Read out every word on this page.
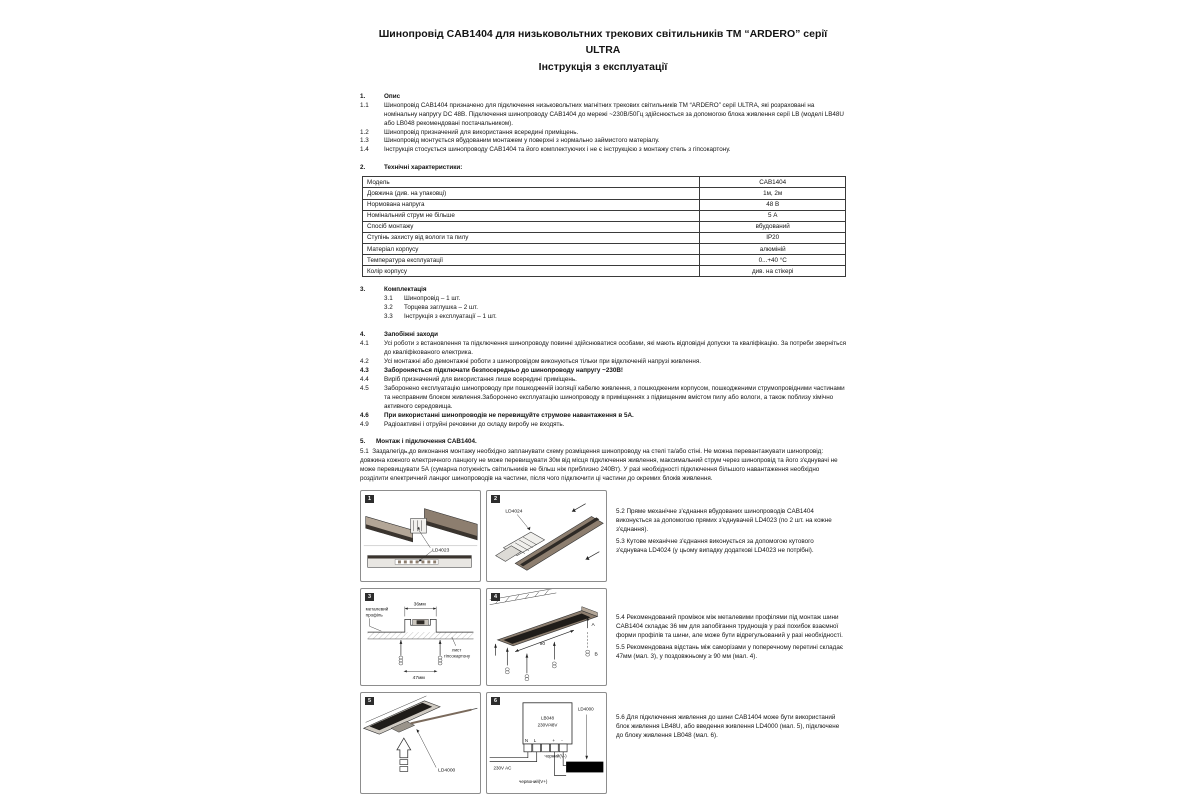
Шинопровід CAB1404 для низьковольтних трекових світильників ТМ “ARDERO” серії ULTRA
Інструкція з експлуатації
1.	Опис
1.1	Шинопровід CAB1404 призначено для підключення низьковольтних магнітних трекових світильників ТМ “ARDERO” серії ULTRA, які розраховані на номінальну напругу DC 48В. Підключення шинопроводу CAB1404 до мережі ~230В/50Гц здійснюється за допомогою блока живлення серії LB (моделі LB48U або LB048 рекомендовані постачальником).
1.2	Шинопровід призначений для використання всередині приміщень.
1.3	Шинопровід монтується вбудованим монтажем у поверхні з нормально займистого матеріалу.
1.4	Інструкція стосується шинопроводу CAB1404 та його комплектуючих і не є інструкцією з монтажу стель з гіпсокартону.
2.	Технічні характеристики:
Модель	CAB1404
Довжина (див. на упаковці)	1м, 2м
Нормована напруга	48 В
Номінальний струм не більше	5 А
Спосіб монтажу	вбудований
Ступінь захисту від вологи та пилу	IP20
Матеріал корпусу	алюміній
Температура експлуатації	0...+40 °C
Колір корпусу	див. на стікері
3.	Комплектація
3.1	Шинопровід – 1 шт.
3.2	Торцева заглушка – 2 шт.
3.3	Інструкція з експлуатації – 1 шт.
4.	Запобіжні заходи
4.1	Усі роботи з встановлення та підключення шинопроводу повинні здійснюватися особами, які мають відповідні допуски та кваліфікацію. За потреби зверніться до кваліфікованого електрика.
4.2	Усі монтажні або демонтажні роботи з шинопровідом виконуються тільки при відключеній напрузі живлення.
4.3	Забороняється підключати безпосередньо до шинопроводу напругу ~230В!
4.4	Виріб призначений для використання лише всередині приміщень.
4.5	Заборонено експлуатацію шинопроводу при пошкодженій ізоляції кабелю живлення, з пошкодженим корпусом, пошкодженими струмопровідними частинами та несправним блоком живлення.Заборонено експлуатацію шинопроводу в приміщеннях з підвищеним вмістом пилу або вологи, а також поблизу хімічно активного середовища.
4.6	При використанні шинопроводів не перевищуйте струмове навантаження в 5А.
4.9	Радіоактивні і отруйні речовини до складу виробу не входять.
5.	Монтаж і підключення CAB1404.

5.1 Заздалегідь,до виконання монтажу необхідно запланувати схему розміщення шинопроводу на стелі та/або стіні. Не можна перевантажувати шинопровід: довжина кожного електричного ланцюгу не може перевищувати 30м від місця підключення живлення, максимальний струм через шинопровід та його з'єднувачі не може перевищувати 5А (сумарна потужність світильників не більш ніж приблизно 240Вт). У разі необхідності підключення більшого навантаження необхідно розділити електричний ланцюг шинопроводів на частини, після чого підключити ці частини до окремих блоків живлення.

1
LD4023
2
LD4024	5.2 Пряме механічне з'єднання вбудованих шинопроводів CAB1404 виконується за допомогою прямих з'єднувачей LD4023 (по 2 шт. на кожне з'єднання).

5.3 Кутове механічне з'єднання виконується за допомогою кутового з'єднувача LD4024 (у цьому випадку додаткові LD4023 не потрібні).

3
36мм
47мм
металевий
профіль
лист
гіпсокартону
4
90
A
B

5.4 Рекомендований проміжок між металевими профілями під монтаж шини CAB1404 складає 36 мм для запобігання труднощів у разі похибок взаємної форми профілів та шини, але може бути відрегульований у разі необхідності.

5.5 Рекомендована відстань між саморізами у поперечному перетині складає 47мм (мал. 3), у поздовжньому ≥ 90 мм (мал. 4).

5
LD4000
6
LB048
230V/48V
N L	+ -
230V AC
чорний(V-)
червоний(V+)
LD4000

5.6 Для підключення живлення до шини CAB1404 може бути використаний блок живлення LB48U, або введення живлення LD4000 (мал. 5), підключене до блоку живлення LB048 (мал. 6).
